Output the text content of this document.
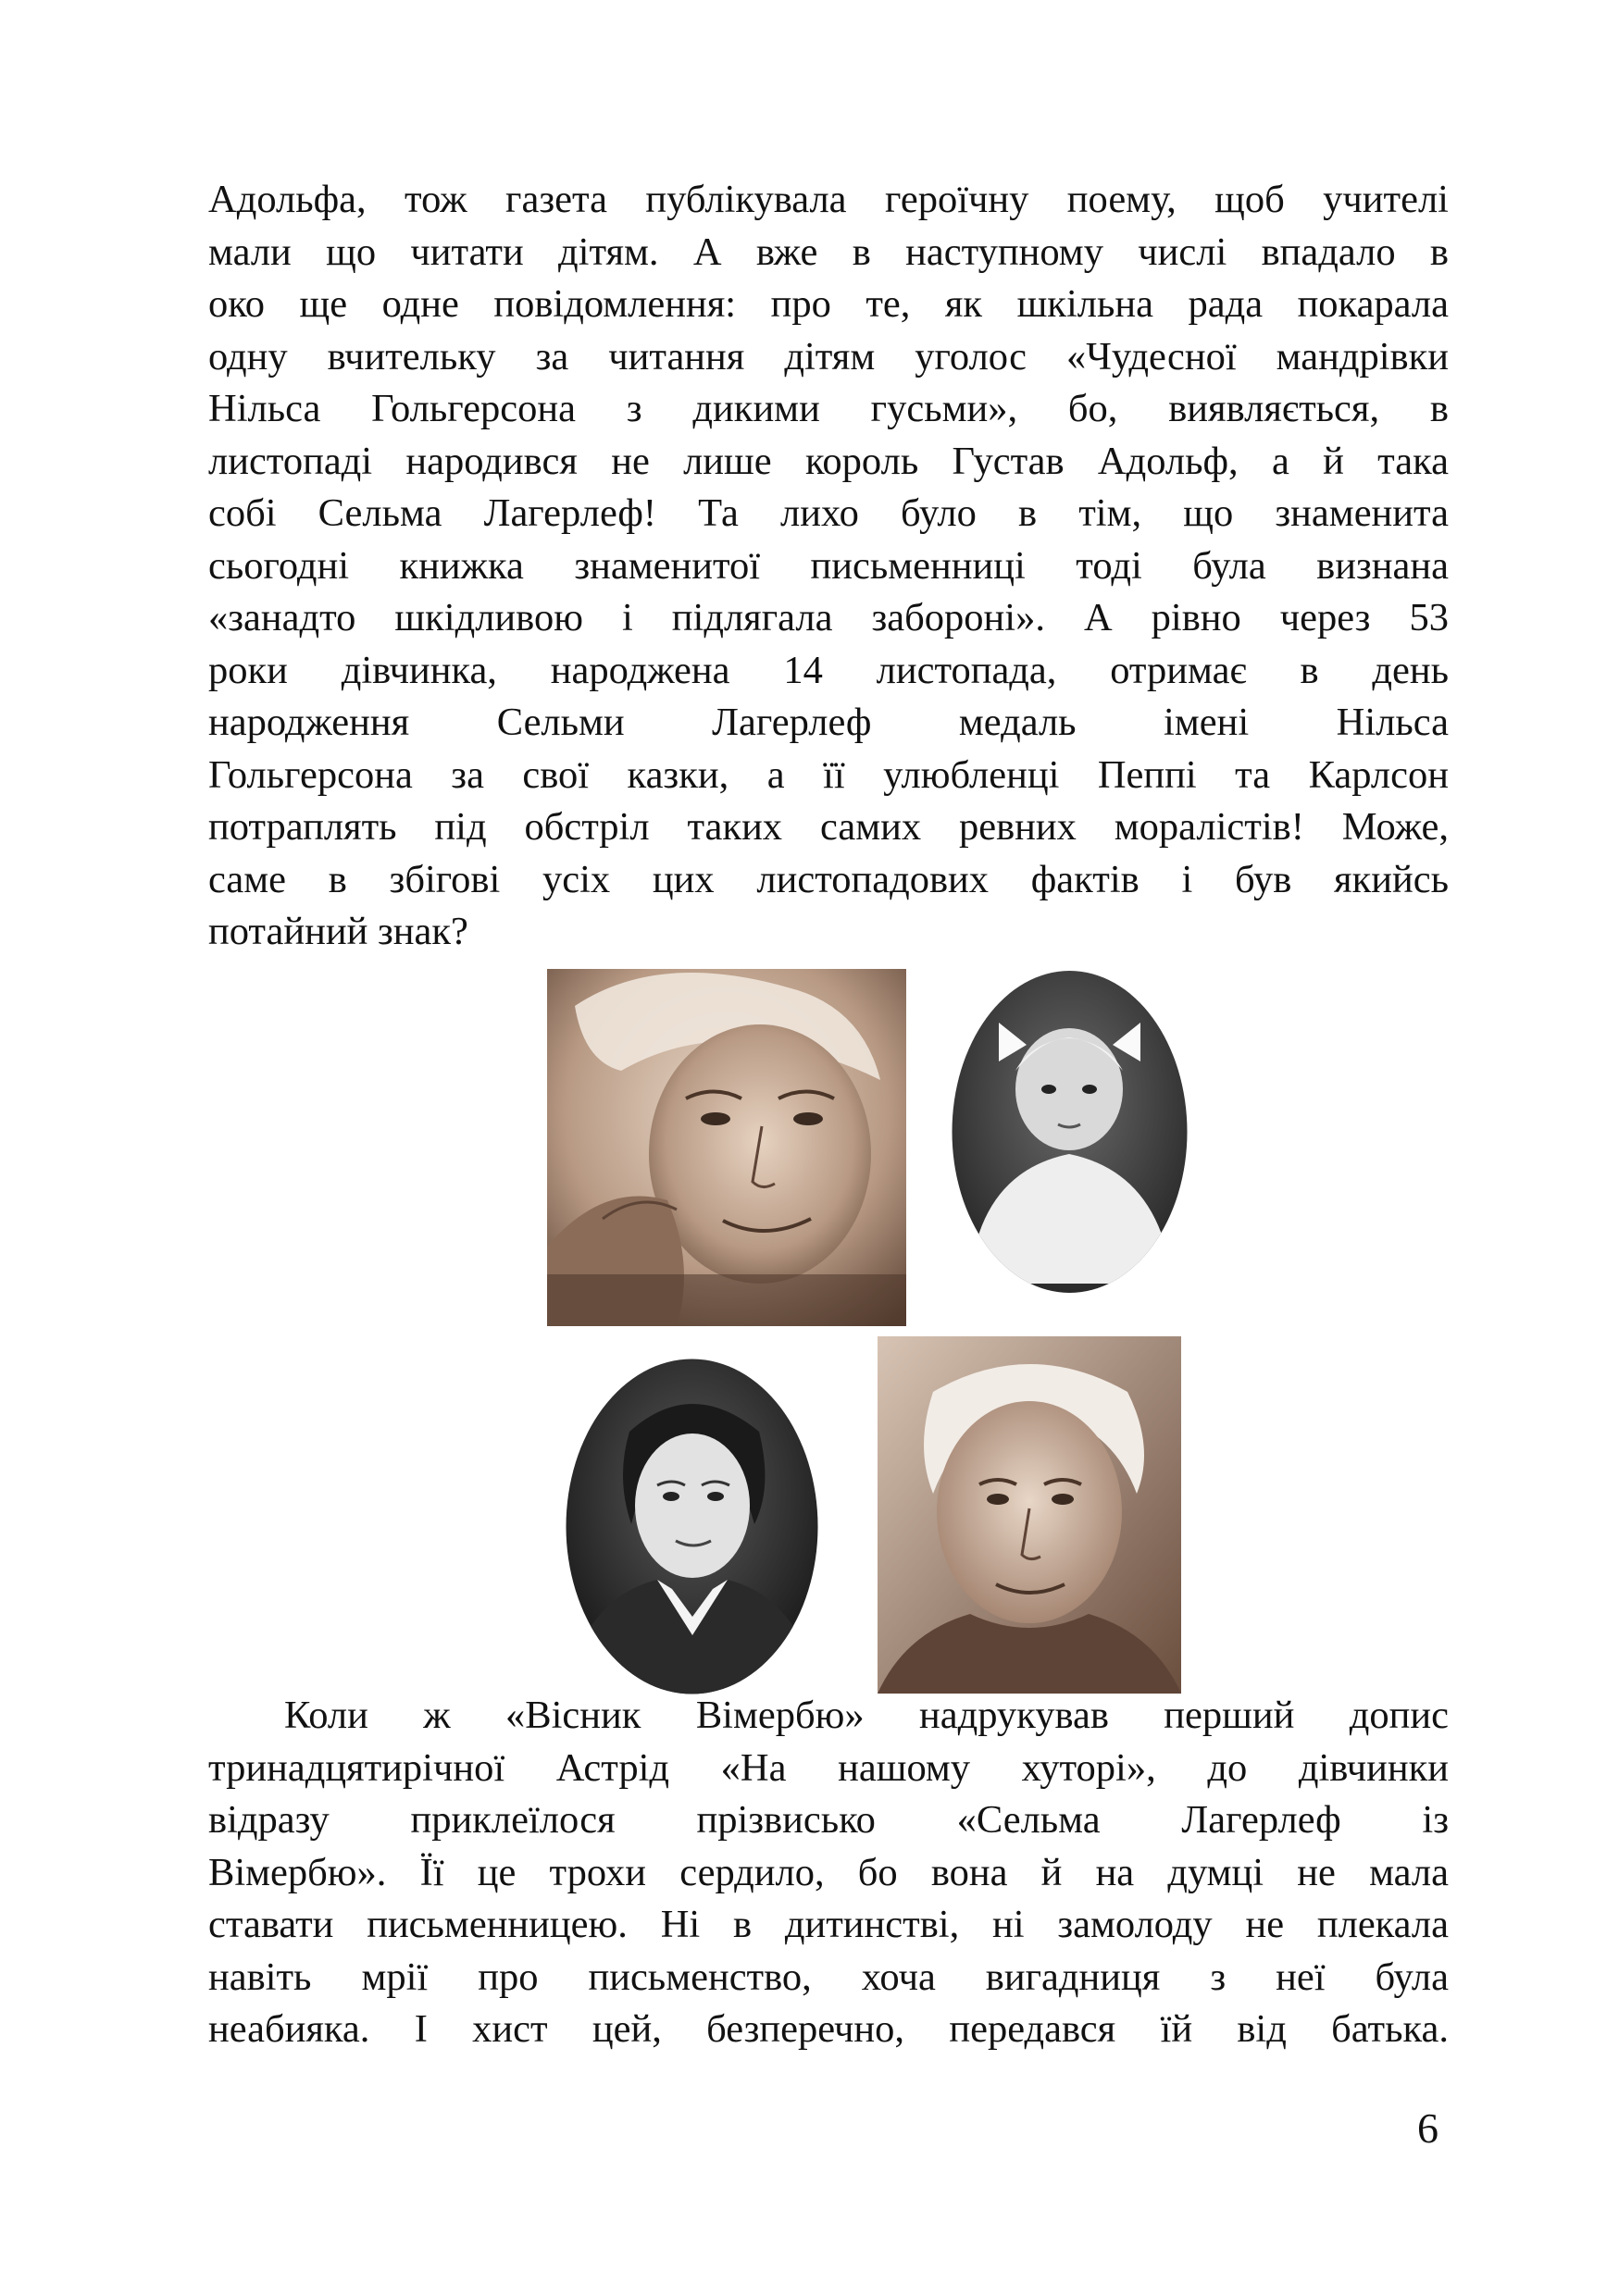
Адольфа, тож газета публікувала героїчну поему, щоб учителі
мали що читати дітям. А вже в наступному числі впадало в
око ще одне повідомлення: про те, як шкільна рада покарала
одну вчительку за читання дітям уголос «Чудесної мандрівки
Нільса Гольгерсона з дикими гусьми», бо, виявляється, в
листопаді народився не лише король Густав Адольф, а й така
собі Сельма Лагерлеф! Та лихо було в тім, що знаменита
сьогодні книжка знаменитої письменниці тоді була визнана
«занадто шкідливою і підлягала забороні». А рівно через 53
роки дівчинка, народжена 14 листопада, отримає в день
народження Сельми Лагерлеф медаль імені Нільса
Гольгерсона за свої казки, а її улюбленці Пеппі та Карлсон
потраплять під обстріл таких самих ревних моралістів! Може,
саме в збігові усіх цих листопадових фактів і був якийсь
потайний знак?
Коли ж «Вісник Вімербю» надрукував перший допис
тринадцятирічної Астрід «На нашому хуторі», до дівчинки
відразу приклеїлося прізвисько «Сельма Лагерлеф із
Вімербю». Її це трохи сердило, бо вона й на думці не мала
ставати письменницею. Ні в дитинстві, ні замолоду не плекала
навіть мрії про письменство, хоча вигадниця з неї була
неабияка. І хист цей, безперечно, передався їй від батька.
6
